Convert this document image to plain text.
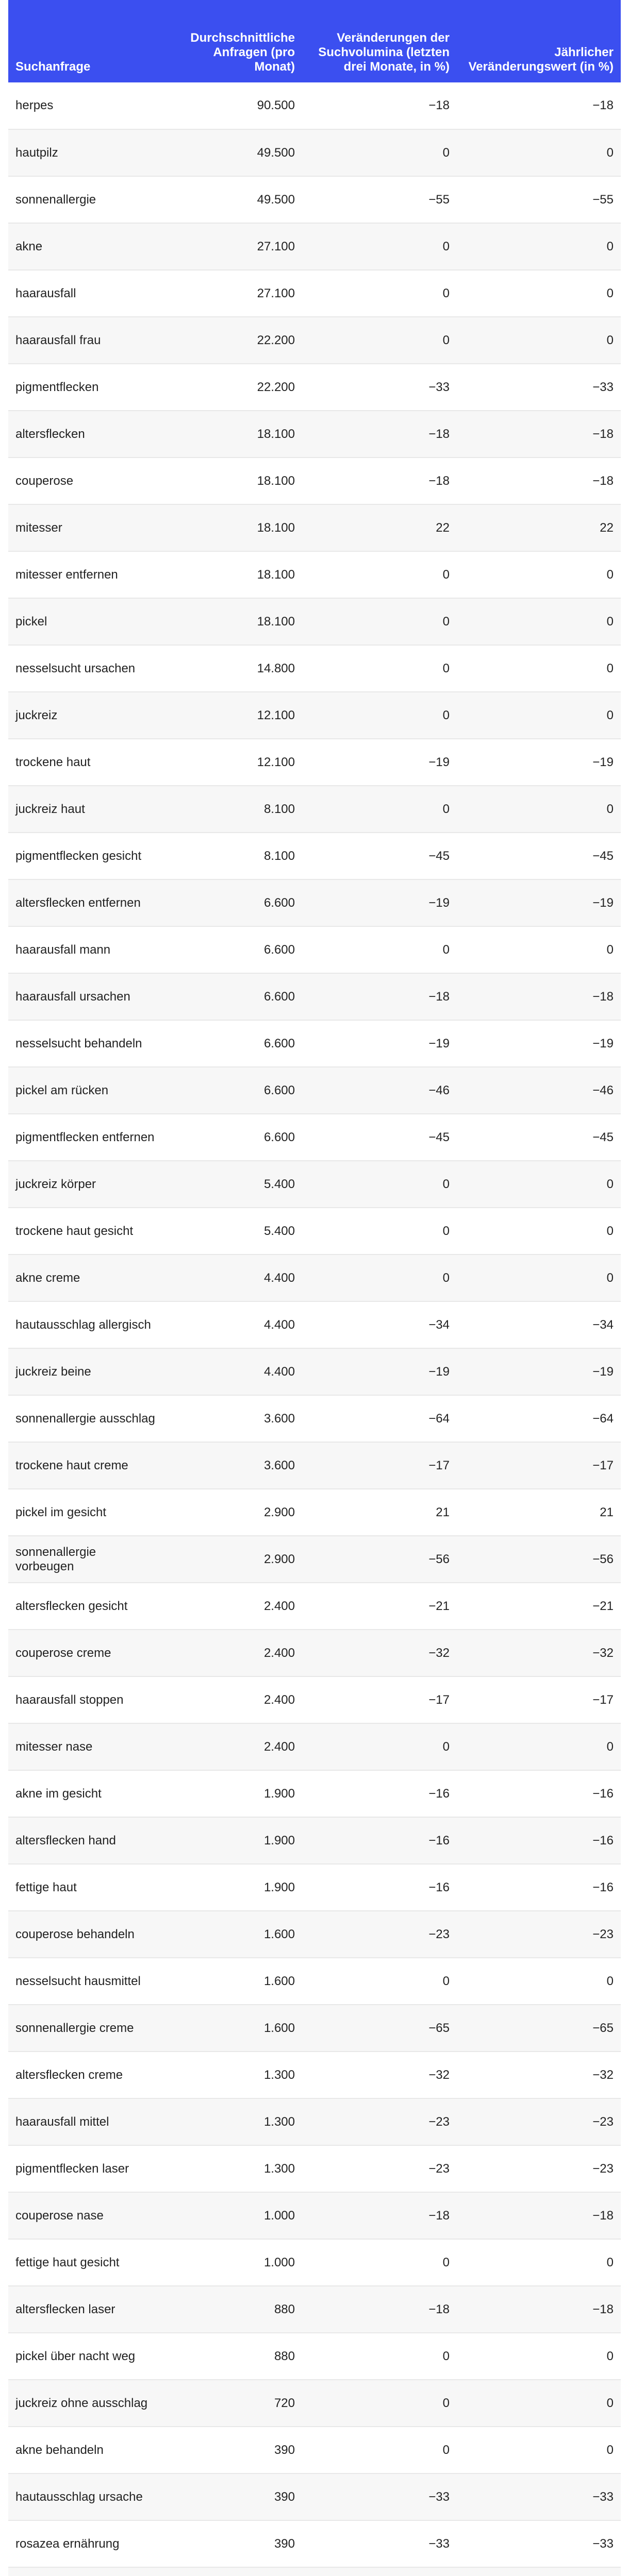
Suchanfrage	Durchschnittliche Anfragen (pro Monat)	Veränderungen der Suchvolumina (letzten drei Monate, in %)	Jährlicher Veränderungswert (in %)
herpes	90.500	−18	−18
hautpilz	49.500	0	0
sonnenallergie	49.500	−55	−55
akne	27.100	0	0
haarausfall	27.100	0	0
haarausfall frau	22.200	0	0
pigmentflecken	22.200	−33	−33
altersflecken	18.100	−18	−18
couperose	18.100	−18	−18
mitesser	18.100	22	22
mitesser entfernen	18.100	0	0
pickel	18.100	0	0
nesselsucht ursachen	14.800	0	0
juckreiz	12.100	0	0
trockene haut	12.100	−19	−19
juckreiz haut	8.100	0	0
pigmentflecken gesicht	8.100	−45	−45
altersflecken entfernen	6.600	−19	−19
haarausfall mann	6.600	0	0
haarausfall ursachen	6.600	−18	−18
nesselsucht behandeln	6.600	−19	−19
pickel am rücken	6.600	−46	−46
pigmentflecken entfernen	6.600	−45	−45
juckreiz körper	5.400	0	0
trockene haut gesicht	5.400	0	0
akne creme	4.400	0	0
hautausschlag allergisch	4.400	−34	−34
juckreiz beine	4.400	−19	−19
sonnenallergie ausschlag	3.600	−64	−64
trockene haut creme	3.600	−17	−17
pickel im gesicht	2.900	21	21
sonnenallergie vorbeugen	2.900	−56	−56
altersflecken gesicht	2.400	−21	−21
couperose creme	2.400	−32	−32
haarausfall stoppen	2.400	−17	−17
mitesser nase	2.400	0	0
akne im gesicht	1.900	−16	−16
altersflecken hand	1.900	−16	−16
fettige haut	1.900	−16	−16
couperose behandeln	1.600	−23	−23
nesselsucht hausmittel	1.600	0	0
sonnenallergie creme	1.600	−65	−65
altersflecken creme	1.300	−32	−32
haarausfall mittel	1.300	−23	−23
pigmentflecken laser	1.300	−23	−23
couperose nase	1.000	−18	−18
fettige haut gesicht	1.000	0	0
altersflecken laser	880	−18	−18
pickel über nacht weg	880	0	0
juckreiz ohne ausschlag	720	0	0
akne behandeln	390	0	0
hautausschlag ursache	390	−33	−33
rosazea ernährung	390	−33	−33
